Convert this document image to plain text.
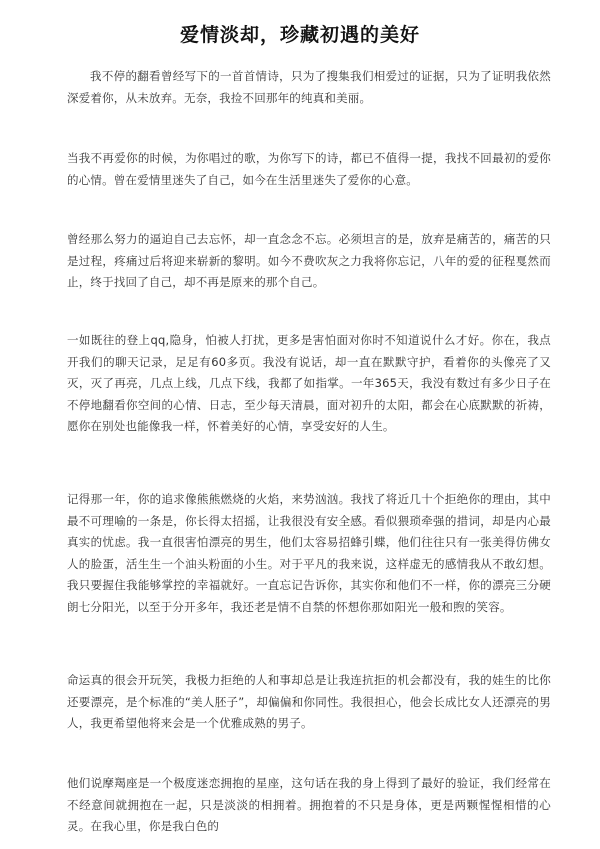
爱情淡却，珍藏初遇的美好

我不停的翻看曾经写下的一首首情诗，只为了搜集我们相爱过的证据，只为了证明我依然深爱着你，从未放弃。无奈，我捡不回那年的纯真和美丽。

当我不再爱你的时候，为你唱过的歌，为你写下的诗，都已不值得一提，我找不回最初的爱你的心情。曾在爱情里迷失了自己，如今在生活里迷失了爱你的心意。

曾经那么努力的逼迫自己去忘怀，却一直念念不忘。必须坦言的是，放弃是痛苦的，痛苦的只是过程，疼痛过后将迎来崭新的黎明。如今不费吹灰之力我将你忘记，八年的爱的征程戛然而止，终于找回了自己，却不再是原来的那个自己。

一如既往的登上qq,隐身，怕被人打扰，更多是害怕面对你时不知道说什么才好。你在，我点开我们的聊天记录，足足有60多页。我没有说话，却一直在默默守护，看着你的头像亮了又灭，灭了再亮，几点上线，几点下线，我都了如指掌。一年365天，我没有数过有多少日子在不停地翻看你空间的心情、日志，至少每天清晨，面对初升的太阳，都会在心底默默的祈祷，愿你在别处也能像我一样，怀着美好的心情，享受安好的人生。

记得那一年，你的追求像熊熊燃烧的火焰，来势汹汹。我找了将近几十个拒绝你的理由，其中最不可理喻的一条是，你长得太招摇，让我很没有安全感。看似猥琐牵强的措词，却是内心最真实的忧虑。我一直很害怕漂亮的男生，他们太容易招蜂引蝶，他们往往只有一张美得仿佛女人的脸蛋，活生生一个油头粉面的小生。对于平凡的我来说，这样虚无的感情我从不敢幻想。我只要握住我能够掌控的幸福就好。一直忘记告诉你，其实你和他们不一样，你的漂亮三分硬朗七分阳光，以至于分开多年，我还老是情不自禁的怀想你那如阳光一般和煦的笑容。

命运真的很会开玩笑，我极力拒绝的人和事却总是让我连抗拒的机会都没有，我的娃生的比你还要漂亮，是个标准的“美人胚子”，却偏偏和你同性。我很担心，他会长成比女人还漂亮的男人，我更希望他将来会是一个优雅成熟的男子。

他们说摩羯座是一个极度迷恋拥抱的星座，这句话在我的身上得到了最好的验证，我们经常在不经意间就拥抱在一起，只是淡淡的相拥着。拥抱着的不只是身体，更是两颗惺惺相惜的心灵。在我心里，你是我白色的
